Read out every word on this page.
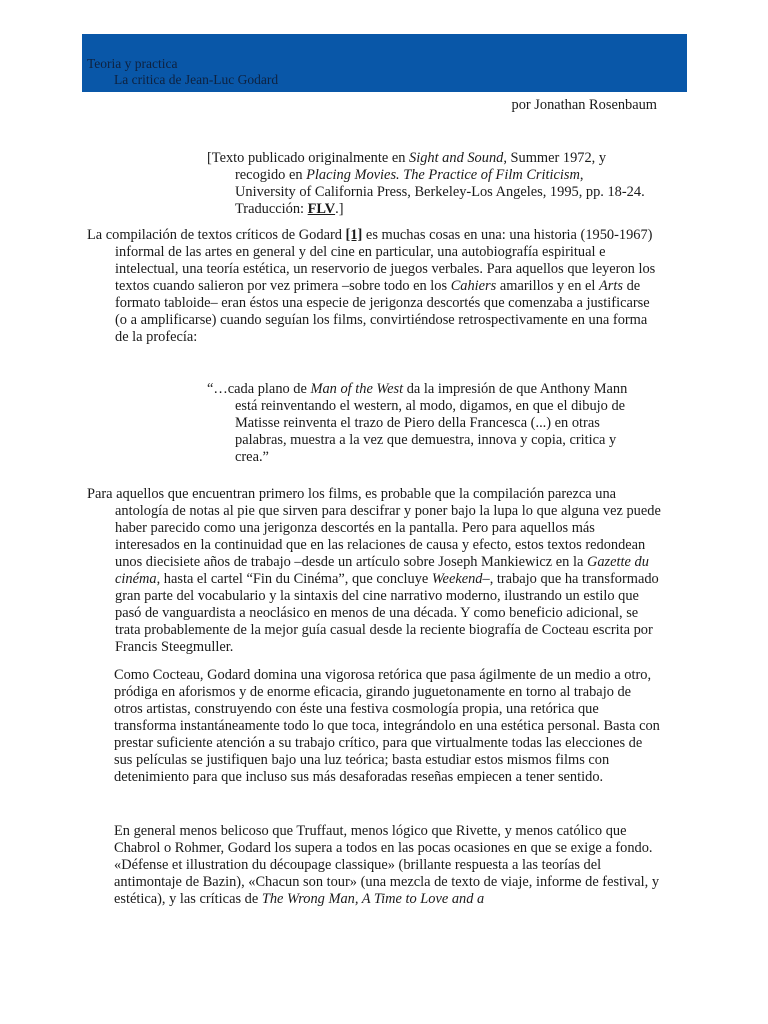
Teoria y practica
La critica de Jean-Luc Godard
por Jonathan Rosenbaum

[Texto publicado originalmente en Sight and Sound, Summer 1972, y recogido en Placing Movies. The Practice of Film Criticism, University of California Press, Berkeley-Los Angeles, 1995, pp. 18-24. Traducción: FLV.]

La compilación de textos críticos de Godard [1] es muchas cosas en una: una historia (1950-1967) informal de las artes en general y del cine en particular, una autobiografía espiritual e intelectual, una teoría estética, un reservorio de juegos verbales. Para aquellos que leyeron los textos cuando salieron por vez primera –sobre todo en los Cahiers amarillos y en el Arts de formato tabloide– eran éstos una especie de jerigonza descortés que comenzaba a justificarse (o a amplificarse) cuando seguían los films, convirtiéndose retrospectivamente en una forma de la profecía:

“…cada plano de Man of the West da la impresión de que Anthony Mann está reinventando el western, al modo, digamos, en que el dibujo de Matisse reinventa el trazo de Piero della Francesca (...) en otras palabras, muestra a la vez que demuestra, innova y copia, critica y crea.”

Para aquellos que encuentran primero los films, es probable que la compilación parezca una antología de notas al pie que sirven para descifrar y poner bajo la lupa lo que alguna vez puede haber parecido como una jerigonza descortés en la pantalla. Pero para aquellos más interesados en la continuidad que en las relaciones de causa y efecto, estos textos redondean unos diecisiete años de trabajo –desde un artículo sobre Joseph Mankiewicz en la Gazette du cinéma, hasta el cartel “Fin du Cinéma”, que concluye Weekend–, trabajo que ha transformado gran parte del vocabulario y la sintaxis del cine narrativo moderno, ilustrando un estilo que pasó de vanguardista a neoclásico en menos de una década. Y como beneficio adicional, se trata probablemente de la mejor guía casual desde la reciente biografía de Cocteau escrita por Francis Steegmuller.

Como Cocteau, Godard domina una vigorosa retórica que pasa ágilmente de un medio a otro, pródiga en aforismos y de enorme eficacia, girando juguetonamente en torno al trabajo de otros artistas, construyendo con éste una festiva cosmología propia, una retórica que transforma instantáneamente todo lo que toca, integrándolo en una estética personal. Basta con prestar suficiente atención a su trabajo crítico, para que virtualmente todas las elecciones de sus películas se justifiquen bajo una luz teórica; basta estudiar estos mismos films con detenimiento para que incluso sus más desaforadas reseñas empiecen a tener sentido.

En general menos belicoso que Truffaut, menos lógico que Rivette, y menos católico que Chabrol o Rohmer, Godard los supera a todos en las pocas ocasiones en que se exige a fondo. «Défense et illustration du découpage classique» (brillante respuesta a las teorías del antimontaje de Bazin), «Chacun son tour» (una mezcla de texto de viaje, informe de festival, y estética), y las críticas de The Wrong Man, A Time to Love and a
